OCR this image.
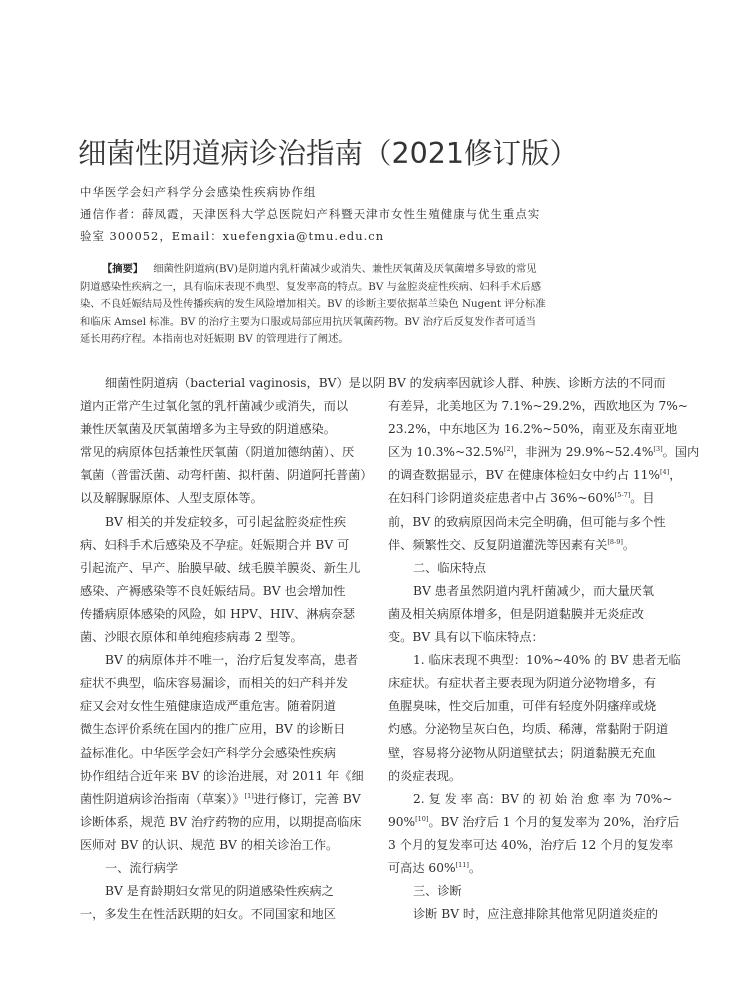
细菌性阴道病诊治指南（2021修订版）
中华医学会妇产科学分会感染性疾病协作组
通信作者：薛凤霞，天津医科大学总医院妇产科暨天津市女性生殖健康与优生重点实
验室 300052，Email：xuefengxia@tmu.edu.cn
【摘要】 细菌性阴道病(BV)是阴道内乳杆菌减少或消失、兼性厌氧菌及厌氧菌增多导致的常见
阴道感染性疾病之一，具有临床表现不典型、复发率高的特点。BV 与盆腔炎症性疾病、妇科手术后感
染、不良妊娠结局及性传播疾病的发生风险增加相关。BV 的诊断主要依据革兰染色 Nugent 评分标准
和临床 Amsel 标准。BV 的治疗主要为口服或局部应用抗厌氧菌药物。BV 治疗后反复发作者可适当
延长用药疗程。本指南也对妊娠期 BV 的管理进行了阐述。
细菌性阴道病（bacterial vaginosis，BV）是以阴
道内正常产生过氧化氢的乳杆菌减少或消失，而以
兼性厌氧菌及厌氧菌增多为主导致的阴道感染。
常见的病原体包括兼性厌氧菌（阴道加德纳菌）、厌
氧菌（普雷沃菌、动弯杆菌、拟杆菌、阴道阿托普菌）
以及解脲脲原体、人型支原体等。
BV 相关的并发症较多，可引起盆腔炎症性疾
病、妇科手术后感染及不孕症。妊娠期合并 BV 可
引起流产、早产、胎膜早破、绒毛膜羊膜炎、新生儿
感染、产褥感染等不良妊娠结局。BV 也会增加性
传播病原体感染的风险，如 HPV、HIV、淋病奈瑟
菌、沙眼衣原体和单纯疱疹病毒 2 型等。
BV 的病原体并不唯一，治疗后复发率高，患者
症状不典型，临床容易漏诊，而相关的妇产科并发
症又会对女性生殖健康造成严重危害。随着阴道
微生态评价系统在国内的推广应用，BV 的诊断日
益标准化。中华医学会妇产科学分会感染性疾病
协作组结合近年来 BV 的诊治进展，对 2011 年《细
菌性阴道病诊治指南（草案）》[1]进行修订，完善 BV
诊断体系，规范 BV 治疗药物的应用，以期提高临床
医师对 BV 的认识、规范 BV 的相关诊治工作。
一、流行病学
BV 是育龄期妇女常见的阴道感染性疾病之
一，多发生在性活跃期的妇女。不同国家和地区
BV 的发病率因就诊人群、种族、诊断方法的不同而
有差异，北美地区为 7.1%~29.2%，西欧地区为 7%~
23.2%，中东地区为 16.2%~50%，南亚及东南亚地
区为 10.3%~32.5%[2]，非洲为 29.9%~52.4%[3]。国内
的调查数据显示，BV 在健康体检妇女中约占 11%[4]，
在妇科门诊阴道炎症患者中占 36%~60%[5-7]。目
前，BV 的致病原因尚未完全明确，但可能与多个性
伴、频繁性交、反复阴道灌洗等因素有关[8-9]。
二、临床特点
BV 患者虽然阴道内乳杆菌减少，而大量厌氧
菌及相关病原体增多，但是阴道黏膜并无炎症改
变。BV 具有以下临床特点：
1. 临床表现不典型：10%~40% 的 BV 患者无临
床症状。有症状者主要表现为阴道分泌物增多，有
鱼腥臭味，性交后加重，可伴有轻度外阴瘙痒或烧
灼感。分泌物呈灰白色，均质、稀薄，常黏附于阴道
壁，容易将分泌物从阴道壁拭去；阴道黏膜无充血
的炎症表现。
2. 复 发 率 高：BV 的 初 始 治 愈 率 为 70%~
90%[10]。BV 治疗后 1 个月的复发率为 20%，治疗后
3 个月的复发率可达 40%，治疗后 12 个月的复发率
可高达 60%[11]。
三、诊断
诊断 BV 时，应注意排除其他常见阴道炎症的
